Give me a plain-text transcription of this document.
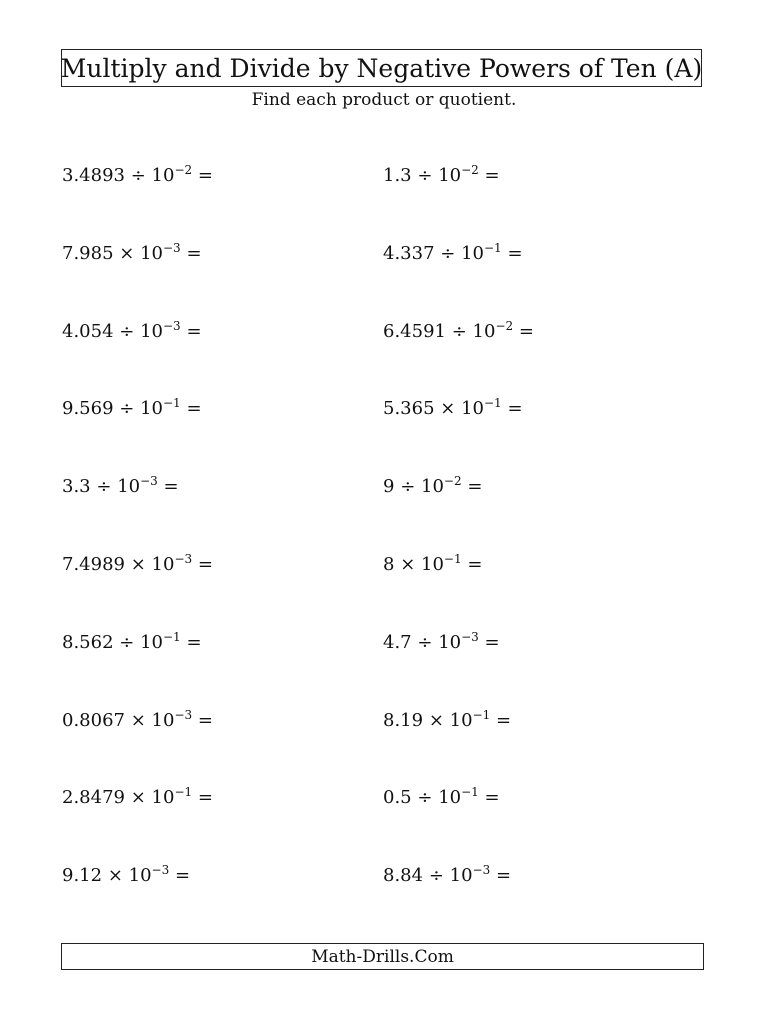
Multiply and Divide by Negative Powers of Ten (A)
Find each product or quotient.
$3.4893 \div 10^{-2}$ =	$1.3 \div 10^{-2}$ =
$7.985 \times 10^{-3}$ =	$4.337 \div 10^{-1}$ =
$4.054 \div 10^{-3}$ =	$6.4591 \div 10^{-2}$ =
$9.569 \div 10^{-1}$ =	$5.365 \times 10^{-1}$ =
$3.3 \div 10^{-3}$ =	$9 \div 10^{-2}$ =
$7.4989 \times 10^{-3}$ =	$8 \times 10^{-1}$ =
$8.562 \div 10^{-1}$ =	$4.7 \div 10^{-3}$ =
$0.8067 \times 10^{-3}$ =	$8.19 \times 10^{-1}$ =
$2.8479 \times 10^{-1}$ =	$0.5 \div 10^{-1}$ =
$9.12 \times 10^{-3}$ =	$8.84 \div 10^{-3}$ =
Math-Drills.Com
